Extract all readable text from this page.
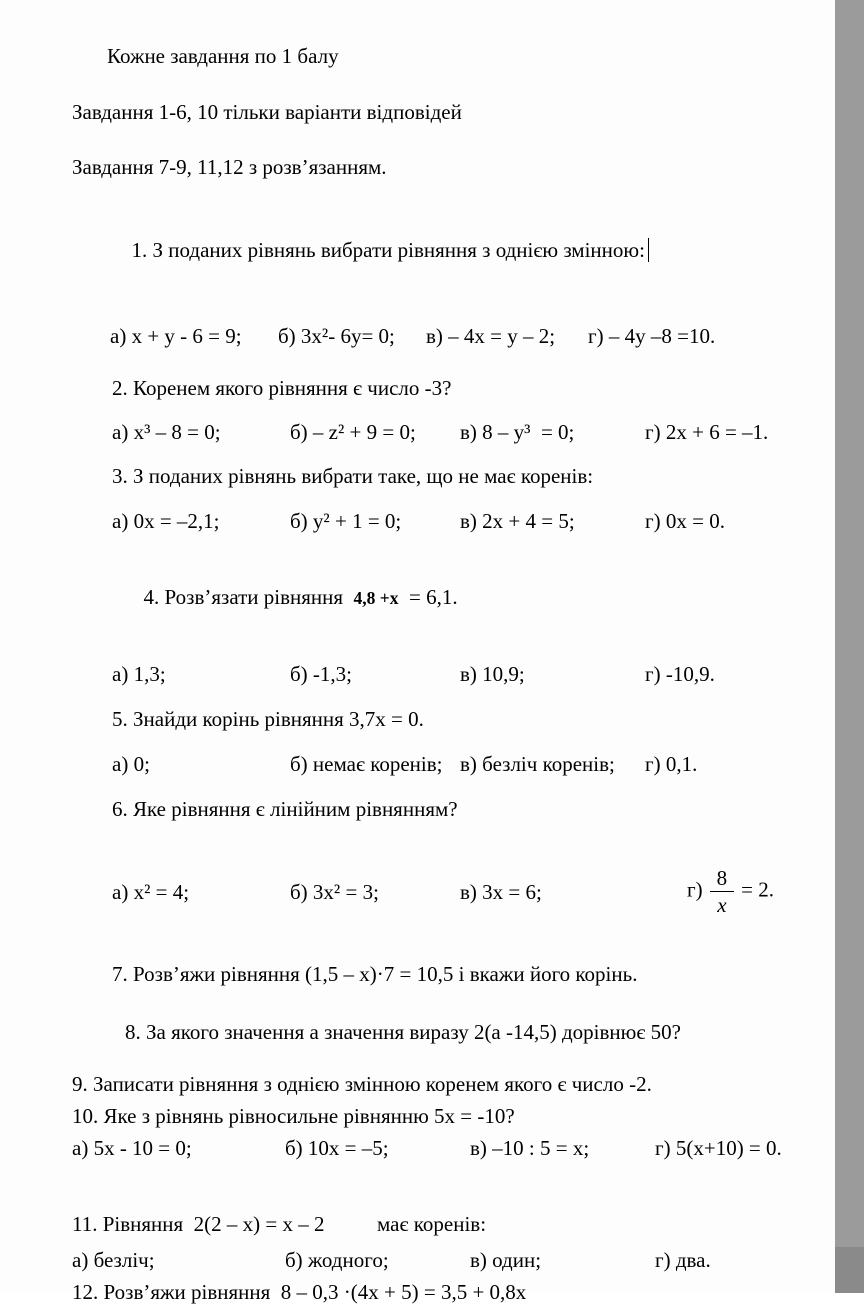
Кожне завдання по 1 балу
Завдання 1-6, 10 тільки варіанти відповідей
Завдання 7-9, 11,12 з розв’язанням.

1. З поданих рівнянь вибрати рівняння з однією змінною:

а) x + y - 6 = 9;	б) 3x²- 6y= 0;	в) – 4x = y – 2;	г) – 4y –8 =10.
2. Коренем якого рівняння є число -3?
а) x³ – 8 = 0;	б) – z² + 9 = 0;	в) 8 – y³  = 0;	г) 2x + 6 = –1.
3. З поданих рівнянь вибрати таке, що не має коренів:
а) 0x = –2,1;	б) y² + 1 = 0;	в) 2x + 4 = 5;	г) 0x = 0.

4. Розв’язати рівняння  4,8 +x  = 6,1.

а) 1,3;	б) -1,3;	в) 10,9;	г) -10,9.
5. Знайди корінь рівняння 3,7х = 0.
а) 0;	б) немає коренів; в) безліч коренів;	г) 0,1.
6. Яке рівняння є лінійним рівнянням?
а) x² = 4;	б) 3x² = 3;	в) 3x = 6;	$г) \frac{8}{x} = 2$.

7. Розв’яжи рівняння (1,5 – x)·7 = 10,5 і вкажи його корінь.
8. За якого значення а значення виразу 2(а -14,5) дорівнює 50?
9. Записати рівняння з однією змінною коренем якого є число -2.
10. Яке з рівнянь рівносильне рівнянню 5х = -10?
а) 5x - 10 = 0;	б) 10x = –5;	в) –10 : 5 = x;	г) 5(x+10) = 0.
11. Рівняння  2(2 – x) = x – 2          має коренів:
а) безліч;	б) жодного;	в) один;	г) два.
12. Розв’яжи рівняння  8 – 0,3 ·(4x + 5) = 3,5 + 0,8x
